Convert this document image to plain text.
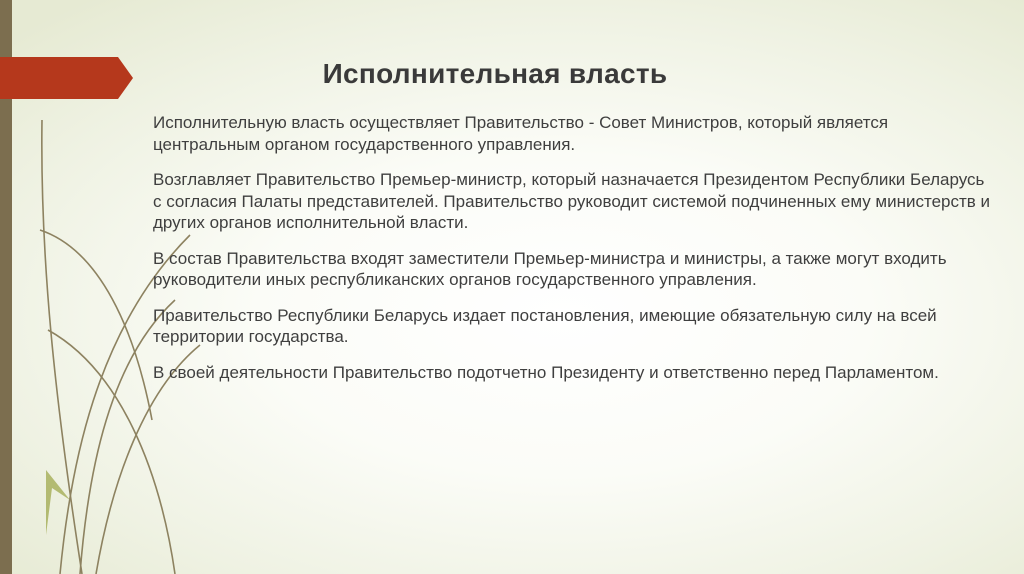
Исполнительная власть

Исполнительную власть осуществляет Правительство - Совет Министров, который является центральным органом государственного управления.

Возглавляет Правительство Премьер-министр, который назначается Президентом Республики Беларусь с согласия Палаты представителей. Правительство руководит системой подчиненных ему министерств и других органов исполнительной власти.

В состав Правительства входят заместители Премьер-министра и министры, а также могут входить руководители иных республиканских органов государственного управления.

Правительство Республики Беларусь издает постановления, имеющие обязательную силу на всей территории государства.

В своей деятельности Правительство подотчетно Президенту и ответственно перед Парламентом.
